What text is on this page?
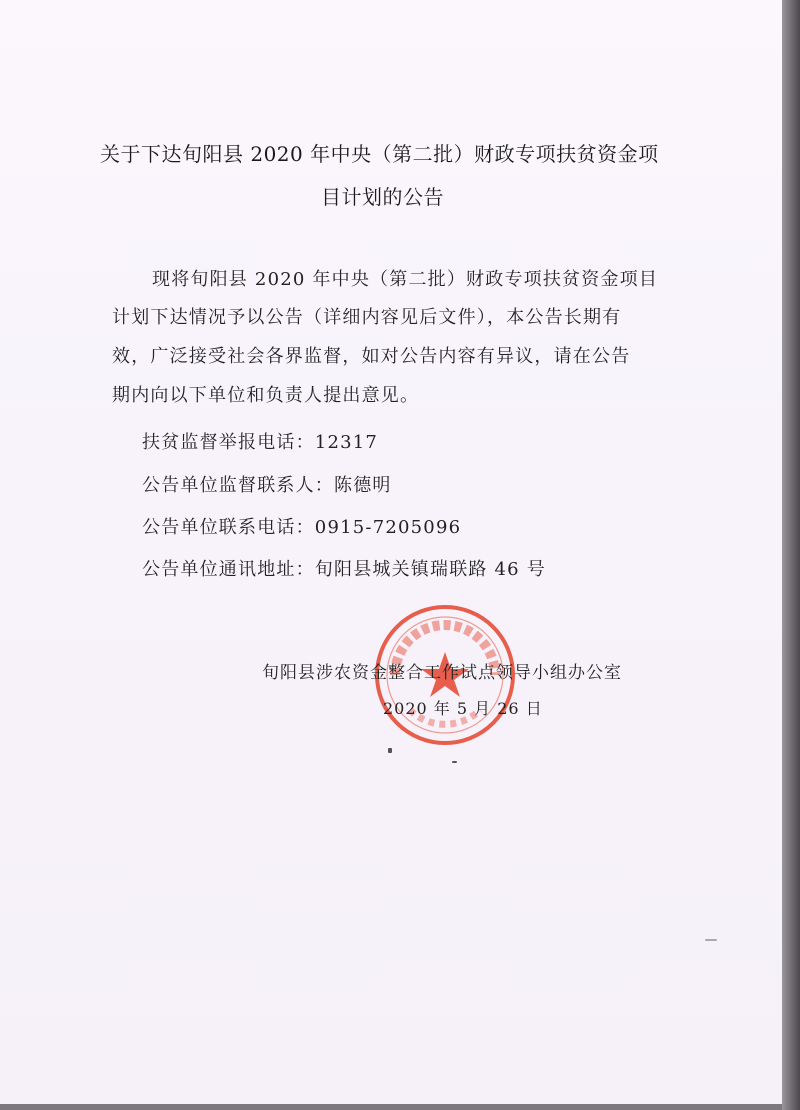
关于下达旬阳县 2020 年中央（第二批）财政专项扶贫资金项
目计划的公告
现将旬阳县 2020 年中央（第二批）财政专项扶贫资金项目
计划下达情况予以公告（详细内容见后文件），本公告长期有
效，广泛接受社会各界监督，如对公告内容有异议，请在公告
期内向以下单位和负责人提出意见。
扶贫监督举报电话：12317
公告单位监督联系人：陈德明
公告单位联系电话：0915-7205096
公告单位通讯地址：旬阳县城关镇瑞联路 46 号
旬阳县涉农资金整合工作试点领导小组办公室
2020 年 5 月 26 日
